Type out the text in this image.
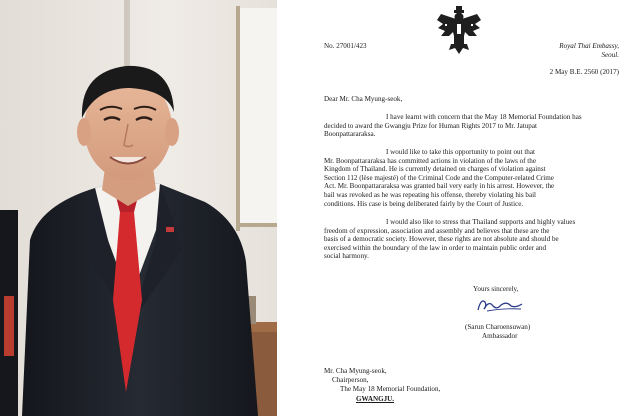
No. 27001/423	Royal Thai Embassy,
Seoul.
2 May B.E. 2560 (2017)
Dear Mr. Cha Myung-seok,
I have learnt with concern that the May 18 Memorial Foundation has
decided to award the Gwangju Prize for Human Rights 2017 to Mr. Jatupat
Boonpattararaksa.
I would like to take this opportunity to point out that
Mr. Boonpattararaksa has committed actions in violation of the laws of the
Kingdom of Thailand. He is currently detained on charges of violation against
Section 112 (lèse majesté) of the Criminal Code and the Computer-related Crime
Act. Mr. Boonpattararaksa was granted bail very early in his arrest. However, the
bail was revoked as he was repeating his offense, thereby violating his bail
conditions. His case is being deliberated fairly by the Court of Justice.
I would also like to stress that Thailand supports and highly values
freedom of expression, association and assembly and believes that these are the
basis of a democratic society. However, these rights are not absolute and should be
exercised within the boundary of the law in order to maintain public order and
social harmony.
Yours sincerely,
(Sarun Charoensuwan)
Ambassador
Mr. Cha Myung-seok,
Chairperson,
The May 18 Memorial Foundation,
GWANGJU.
